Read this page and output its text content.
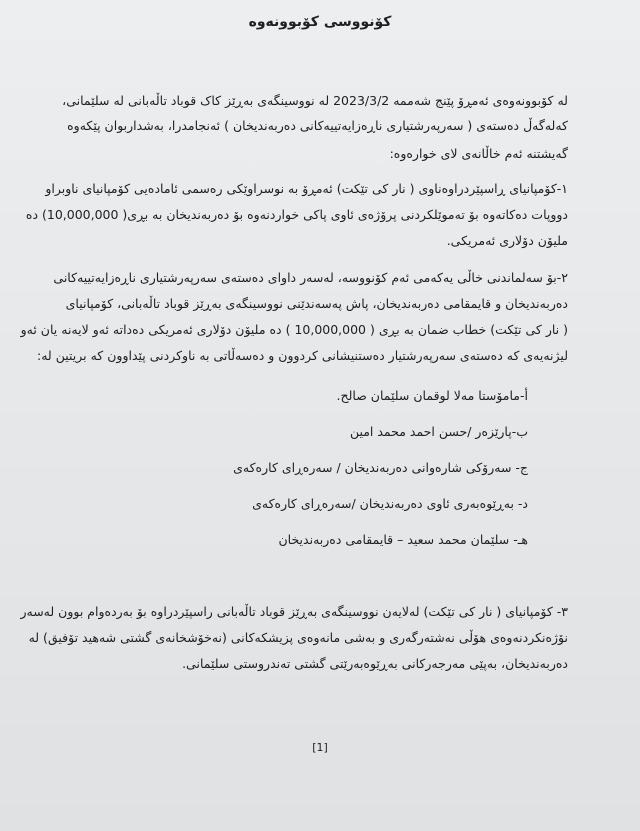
کۆنووسی کۆبوونەوە
لە کۆبوونەوەی ئەمڕۆ پێنج شەممە 2023/3/2 لە نووسینگەی بەڕێز کاک قوباد تاڵەبانی لە سلێمانی،
کەلەگەڵ دەستەی ( سەرپەرشتیاری ناڕەزایەتییەکانی دەربەندیخان ) ئەنجامدرا، بەشداربوان پێکەوە
گەیشتنە ئەم خاڵانەی لای خوارەوە:
١-کۆمپانیای ڕاسپێردراوەناوی ( نار کی تێکت) ئەمڕۆ بە نوسراوێکی رەسمی ئامادەیی کۆمپانیای ناوبراو
دووپات دەکاتەوە بۆ تەموێلکردنی پرۆژەی ئاوی پاکی خواردنەوە بۆ دەربەندیخان بە بڕی( 10,000,000) دە
ملیۆن دۆلاری ئەمریکی.
٢-بۆ سەلماندنی خاڵی یەکەمی ئەم کۆنووسە، لەسەر داوای دەستەی سەرپەرشتیاری ناڕەزایەتییەکانی
دەربەندیخان و قایمقامی دەربەندیخان، پاش پەسەندێنی نووسینگەی بەڕێز قوباد تاڵەبانی، کۆمپانیای
( نار کی تێکت) خطاب ضمان بە بڕی ( 10,000,000 ) دە ملیۆن دۆلاری ئەمریکی دەداتە ئەو لایەنە یان ئەو
لیژنەیەی کە دەستەی سەرپەرشتیار دەستنیشانی کردوون و دەسەڵاتی بە ناوکردنی پێداوون کە بریتین لە:
أ-مامۆستا مەلا لوقمان سلێمان صالح.
ب-پارێزەر /حسن احمد محمد امین
ج- سەرۆکی شارەوانی دەربەندیخان / سەرەڕای کارەکەی
د- بەڕێوەبەری ئاوی دەربەندیخان /سەرەڕای کارەکەی
هـ- سلێمان محمد سعید – قایمقامی دەربەندیخان
٣- کۆمپانیای ( نار کی تێکت) لەلایەن نووسینگەی بەڕێز قوباد تاڵەبانی راسپێردراوە بۆ بەردەوام بوون لەسەر
نۆژەنکردنەوەی هۆڵی نەشتەرگەری و بەشی مانەوەی پزیشکەکانی (نەخۆشخانەی گشتی شەهید تۆفیق) لە
دەربەندیخان، بەپێی مەرجەرکانی بەڕێوەبەرێتی گشتی تەندروستی سلێمانی.
[1]
